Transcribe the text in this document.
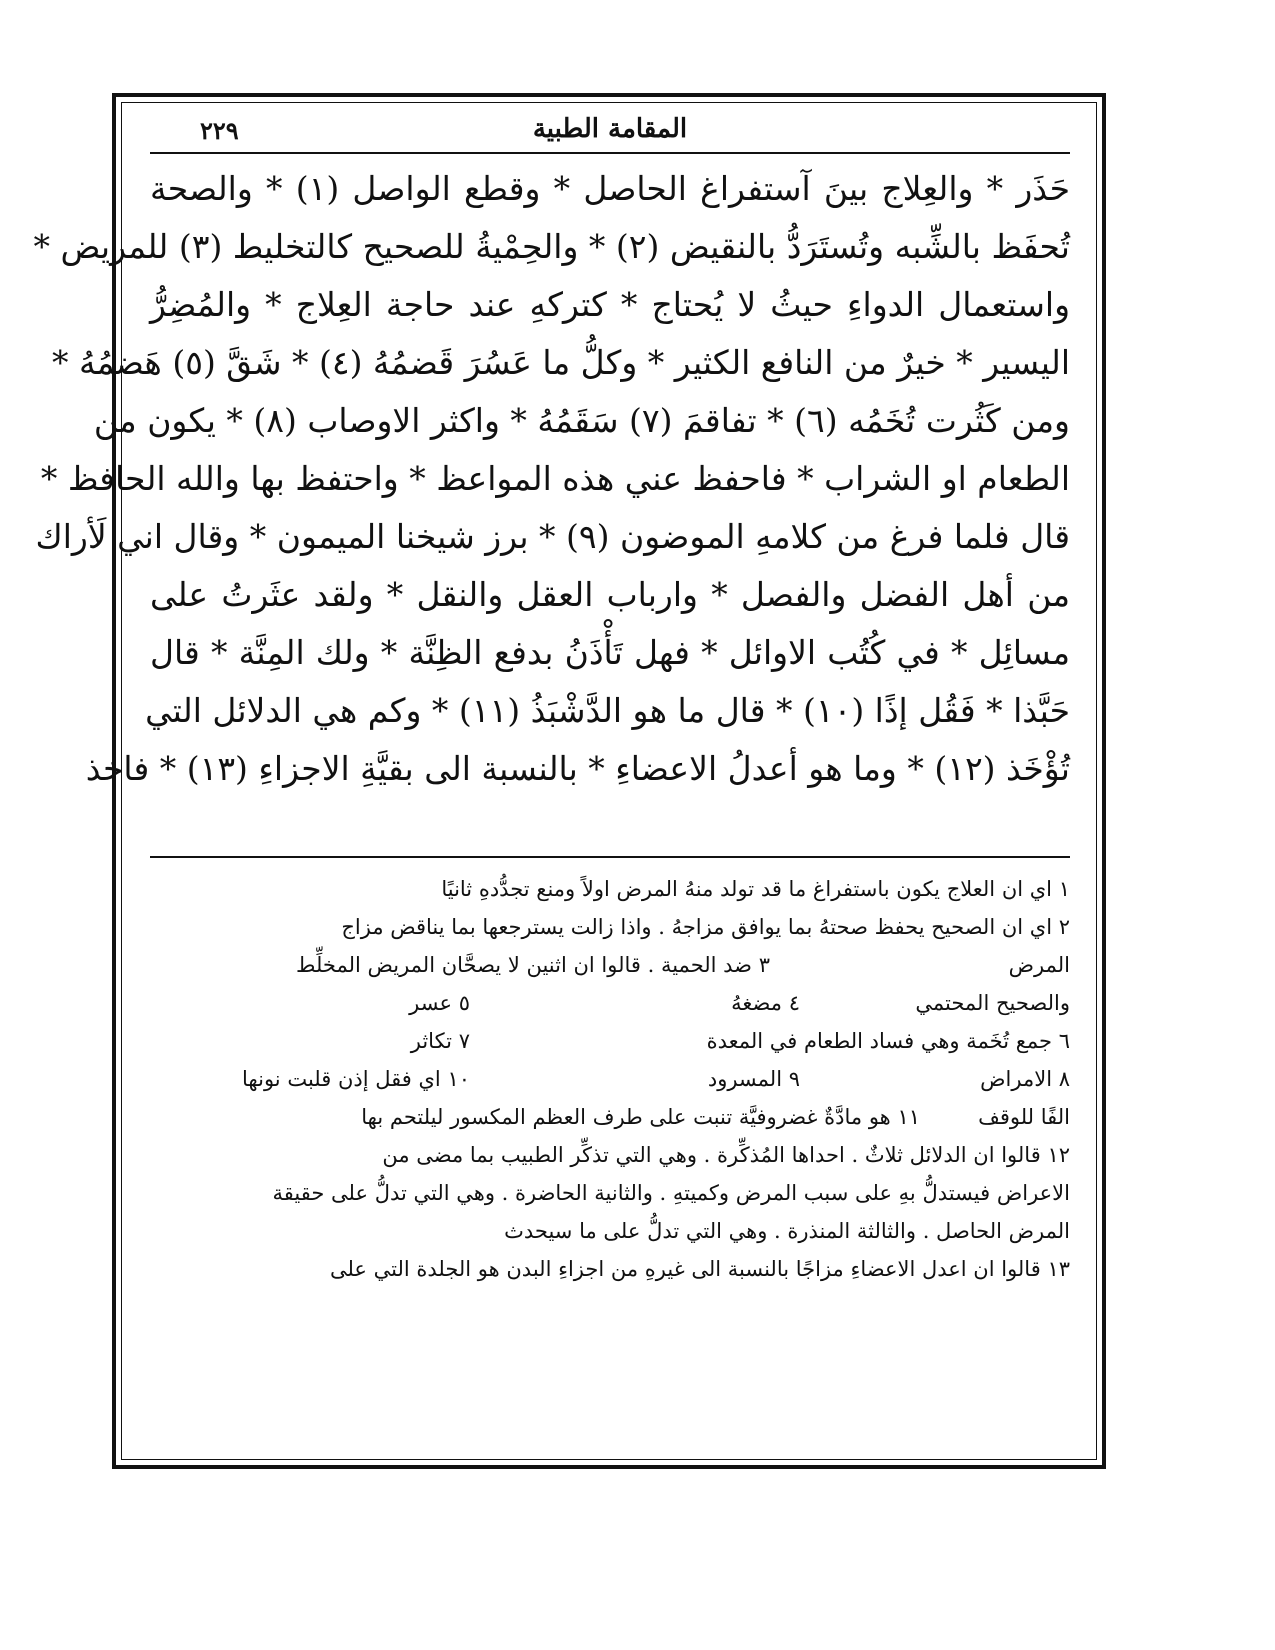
المقامة الطبية
٢٢٩
حَذَر * والعِلاج بينَ آستفراغ الحاصل * وقطع الواصل (١) * والصحة
تُحفَظ بالشِّبه وتُستَرَدُّ بالنقيض (٢) * والحِمْيةُ للصحيح كالتخليط (٣) للمريض *
واستعمال الدواءِ حيثُ لا يُحتاج * كتركهِ عند حاجة العِلاج * والمُضِرُّ
اليسير * خيرٌ من النافع الكثير * وكلُّ ما عَسُرَ قَضمُهُ (٤) * شَقَّ (٥) هَضمُهُ *
ومن كَثُرت تُخَمُه (٦) * تفاقمَ (٧) سَقَمُهُ * واكثر الاوصاب (٨) * يكون من
الطعام او الشراب * فاحفظ عني هذه المواعظ * واحتفظ بها والله الحافظ *
قال فلما فرغ من كلامهِ الموضون (٩) * برز شيخنا الميمون * وقال اني لَأراك
من أهل الفضل والفصل * وارباب العقل والنقل * ولقد عثَرتُ على
مسائِل * في كُتُب الاوائل * فهل تَأْذَنُ بدفع الظِنَّة * ولك المِنَّة * قال
حَبَّذا * فَقُل إذًا (١٠) * قال ما هو الدَّشْبَذُ (١١) * وكم هي الدلائل التي
تُؤْخَذ (١٢) * وما هو أعدلُ الاعضاءِ * بالنسبة الى بقيَّةِ الاجزاءِ (١٣) * فاخذ
١ اي ان العلاج يكون باستفراغ ما قد تولد منهُ المرض اولاً ومنع تجدُّدهِ ثانيًا
٢ اي ان الصحيح يحفظ صحتهُ بما يوافق مزاجهُ . واذا زالت يسترجعها بما يناقض مزاج
المرض
٣ ضد الحمية . قالوا ان اثنين لا يصحَّان المريض المخلِّط
والصحيح المحتمي
٤ مضغهُ
٥ عسر
٦ جمع تُخَمة وهي فساد الطعام في المعدة
٧ تكاثر
٨ الامراض
٩ المسرود
١٠ اي فقل إذن قلبت نونها
الفًا للوقف
١١ هو مادَّةٌ غضروفيَّة تنبت على طرف العظم المكسور ليلتحم بها
١٢ قالوا ان الدلائل ثلاثٌ . احداها المُذكِّرة . وهي التي تذكِّر الطبيب بما مضى من
الاعراض فيستدلُّ بهِ على سبب المرض وكميتهِ . والثانية الحاضرة . وهي التي تدلُّ على حقيقة
المرض الحاصل . والثالثة المنذرة . وهي التي تدلُّ على ما سيحدث
١٣ قالوا ان اعدل الاعضاءِ مزاجًا بالنسبة الى غيرهِ من اجزاءِ البدن هو الجلدة التي على
